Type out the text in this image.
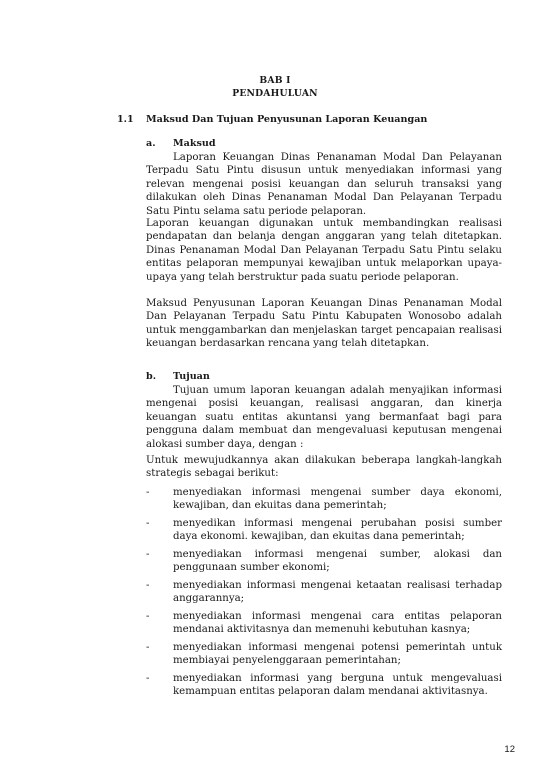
BAB I
PENDAHULUAN
1.1 Maksud Dan Tujuan Penyusunan Laporan Keuangan
a. Maksud

Laporan Keuangan Dinas Penanaman Modal Dan Pelayanan Terpadu Satu Pintu disusun untuk menyediakan informasi yang relevan mengenai posisi keuangan dan seluruh transaksi yang dilakukan oleh Dinas Penanaman Modal Dan Pelayanan Terpadu Satu Pintu selama satu periode pelaporan.

Laporan keuangan digunakan untuk membandingkan realisasi pendapatan dan belanja dengan anggaran yang telah ditetapkan. Dinas Penanaman Modal Dan Pelayanan Terpadu Satu Pintu selaku entitas pelaporan mempunyai kewajiban untuk melaporkan upaya-upaya yang telah berstruktur pada suatu periode pelaporan.

Maksud Penyusunan Laporan Keuangan Dinas Penanaman Modal Dan Pelayanan Terpadu Satu Pintu Kabupaten Wonosobo adalah untuk menggambarkan dan menjelaskan target pencapaian realisasi keuangan berdasarkan rencana yang telah ditetapkan.

b. Tujuan

Tujuan umum laporan keuangan adalah menyajikan informasi mengenai posisi keuangan, realisasi anggaran, dan kinerja keuangan suatu entitas akuntansi yang bermanfaat bagi para pengguna dalam membuat dan mengevaluasi keputusan mengenai alokasi sumber daya, dengan :

Untuk mewujudkannya akan dilakukan beberapa langkah-langkah strategis sebagai berikut:

- menyediakan informasi mengenai sumber daya ekonomi, kewajiban, dan ekuitas dana pemerintah;
- menyedikan informasi mengenai perubahan posisi sumber daya ekonomi. kewajiban, dan ekuitas dana pemerintah;
- menyediakan informasi mengenai sumber, alokasi dan penggunaan sumber ekonomi;
- menyediakan informasi mengenai ketaatan realisasi terhadap anggarannya;
- menyediakan informasi mengenai cara entitas pelaporan mendanai aktivitasnya dan memenuhi kebutuhan kasnya;
- menyediakan informasi mengenai potensi pemerintah untuk membiayai penyelenggaraan pemerintahan;
- menyediakan informasi yang berguna untuk mengevaluasi kemampuan entitas pelaporan dalam mendanai aktivitasnya.
12
